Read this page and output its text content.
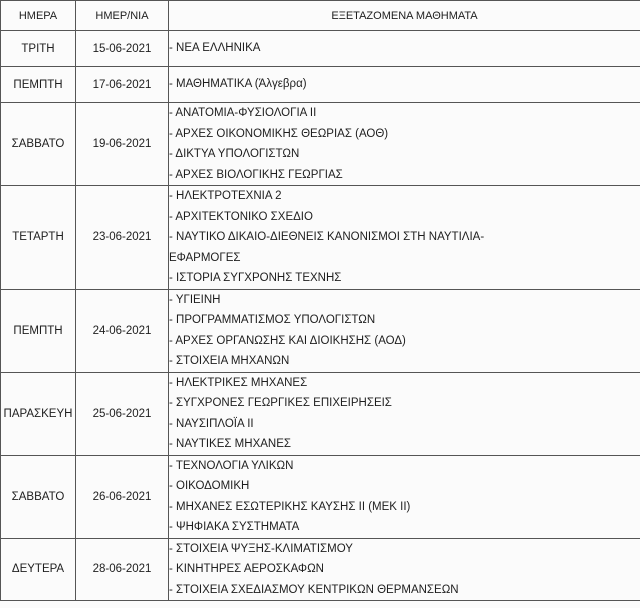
ΗΜΕΡΑ	ΗΜΕΡ/ΝΙΑ	ΕΞΕΤΑΖΟΜΕΝΑ ΜΑΘΗΜΑΤΑ
ΤΡΙΤΗ	15-06-2021	- ΝΕΑ ΕΛΛΗΝΙΚΑ

ΠΕΜΠΤΗ	17-06-2021	- ΜΑΘΗΜΑΤΙΚΑ (Άλγεβρα)

ΣΑΒΒΑΤΟ	19-06-2021	- ΑΝΑΤΟΜΙΑ-ΦΥΣΙΟΛΟΓΙΑ ΙΙ
- ΑΡΧΕΣ ΟΙΚΟΝΟΜΙΚΗΣ ΘΕΩΡΙΑΣ (ΑΟΘ)
- ΔΙΚΤΥΑ ΥΠΟΛΟΓΙΣΤΩΝ
- ΑΡΧΕΣ ΒΙΟΛΟΓΙΚΗΣ ΓΕΩΡΓΙΑΣ

ΤΕΤΑΡΤΗ	23-06-2021	- ΗΛΕΚΤΡΟΤΕΧΝΙΑ 2
- ΑΡΧΙΤΕΚΤΟΝΙΚΟ ΣΧΕΔΙΟ
- ΝΑΥΤΙΚΟ ΔΙΚΑΙΟ-ΔΙΕΘΝΕΙΣ ΚΑΝΟΝΙΣΜΟΙ ΣΤΗ ΝΑΥΤΙΛΙΑ-
ΕΦΑΡΜΟΓΕΣ
- ΙΣΤΟΡΙΑ ΣΥΓΧΡΟΝΗΣ ΤΕΧΝΗΣ

ΠΕΜΠΤΗ	24-06-2021	- ΥΓΙΕΙΝΗ
- ΠΡΟΓΡΑΜΜΑΤΙΣΜΟΣ ΥΠΟΛΟΓΙΣΤΩΝ
- ΑΡΧΕΣ ΟΡΓΑΝΩΣΗΣ ΚΑΙ ΔΙΟΙΚΗΣΗΣ (ΑΟΔ)
- ΣΤΟΙΧΕΙΑ ΜΗΧΑΝΩΝ

ΠΑΡΑΣΚΕΥΗ	25-06-2021	- ΗΛΕΚΤΡΙΚΕΣ ΜΗΧΑΝΕΣ
- ΣΥΓΧΡΟΝΕΣ ΓΕΩΡΓΙΚΕΣ ΕΠΙΧΕΙΡΗΣΕΙΣ
- ΝΑΥΣΙΠΛΟΪΑ ΙΙ
- ΝΑΥΤΙΚΕΣ ΜΗΧΑΝΕΣ

ΣΑΒΒΑΤΟ	26-06-2021	- ΤΕΧΝΟΛΟΓΙΑ ΥΛΙΚΩΝ
- ΟΙΚΟΔΟΜΙΚΗ
- ΜΗΧΑΝΕΣ ΕΣΩΤΕΡΙΚΗΣ ΚΑΥΣΗΣ ΙΙ (ΜΕΚ ΙΙ)
- ΨΗΦΙΑΚΑ ΣΥΣΤΗΜΑΤΑ

ΔΕΥΤΕΡΑ	28-06-2021	- ΣΤΟΙΧΕΙΑ ΨΥΞΗΣ-ΚΛΙΜΑΤΙΣΜΟΥ
- ΚΙΝΗΤΗΡΕΣ ΑΕΡΟΣΚΑΦΩΝ
- ΣΤΟΙΧΕΙΑ ΣΧΕΔΙΑΣΜΟΥ ΚΕΝΤΡΙΚΩΝ ΘΕΡΜΑΝΣΕΩΝ
